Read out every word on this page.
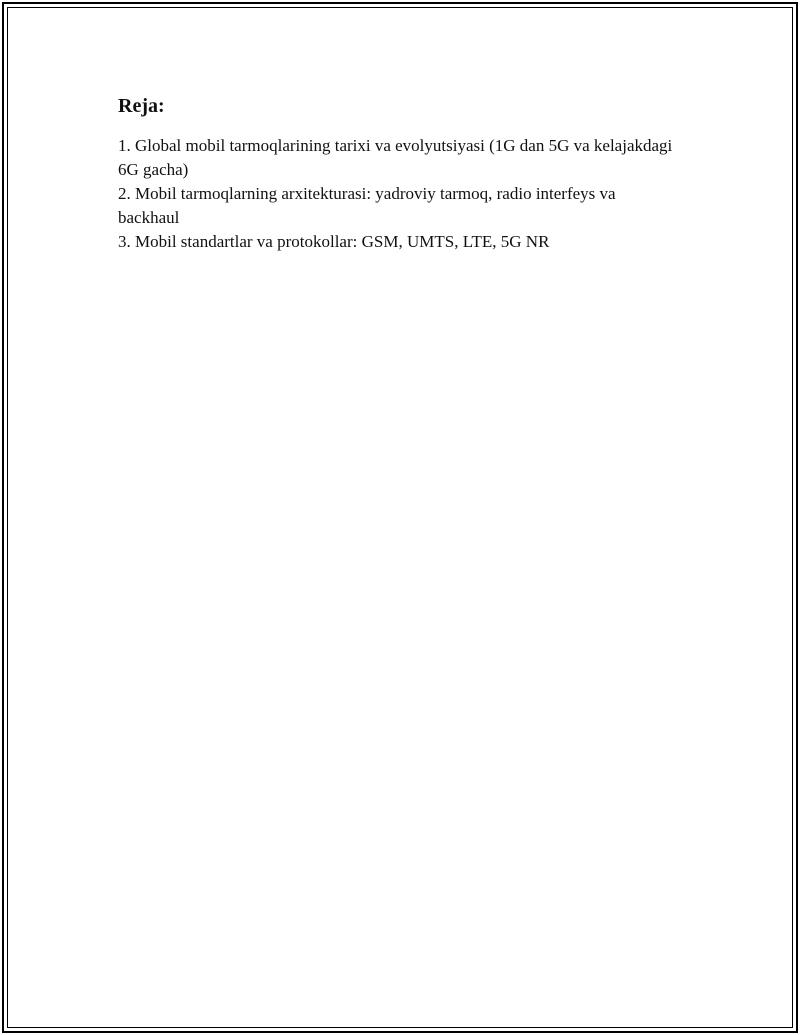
Reja:
1. Global mobil tarmoqlarining tarixi va evolyutsiyasi (1G dan 5G va kelajakdagi 6G gacha)
2. Mobil tarmoqlarning arxitekturasi: yadroviy tarmoq, radio interfeys va backhaul
3. Mobil standartlar va protokollar: GSM, UMTS, LTE, 5G NR
